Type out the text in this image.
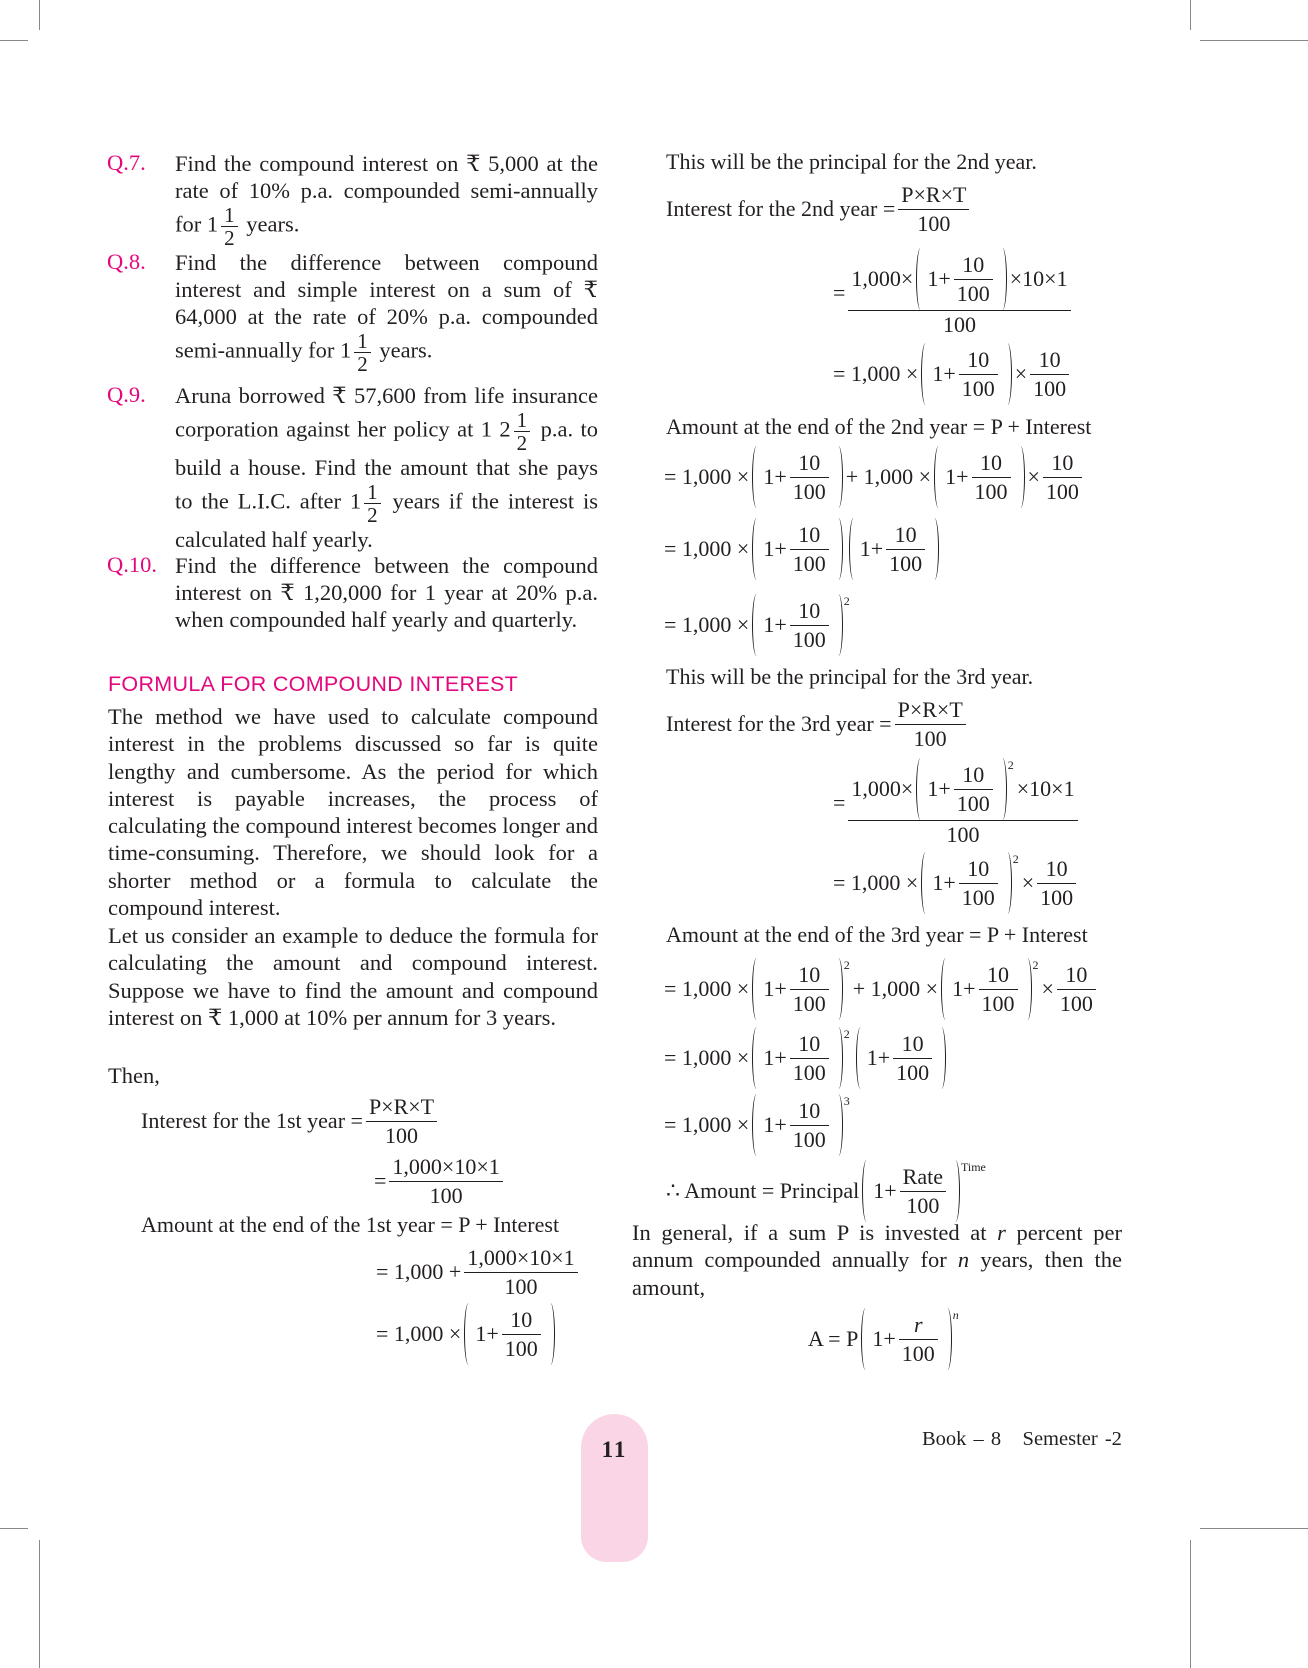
Q.7. Find the compound interest on ₹ 5,000 at the rate of 10% p.a. compounded semi-annually for $1 \frac{1}{2}$ years.
Q.8. Find the difference between compound interest and simple interest on a sum of ₹ 64,000 at the rate of 20% p.a. compounded semi-annually for $1 \frac{1}{2}$ years.
Q.9. Aruna borrowed ₹ 57,600 from life insurance corporation against her policy at 1 $2 \frac{1}{2} p.a$. to build a house. Find the amount that she pays to the L.I.C. after $1 \frac{1}{2}$ years if the interest is calculated half yearly.
Q.10. Find the difference between the compound interest on ₹ 1,20,000 for 1 year at 20% p.a. when compounded half yearly and quarterly.
FORMULA FOR COMPOUND INTEREST
The method we have used to calculate compound interest in the problems discussed so far is quite lengthy and cumbersome. As the period for which interest is payable increases, the process of calculating the compound interest becomes longer and time-consuming. Therefore, we should look for a shorter method or a formula to calculate the compound interest.
Let us consider an example to deduce the formula for calculating the amount and compound interest. Suppose we have to find the amount and compound interest on ₹ 1,000 at 10% per annum for 3 years.
Then,
Interest for the 1st year = $\frac{P\times R\times T}{100}$
= $\frac{1,000\times 10\times 1}{100}$
Amount at the end of the 1st year = P + Interest
= $1,000 + \frac{1,000\times 10\times 1}{100}$
= $1,000 \times 1+ \frac{10}{100}$
This will be the principal for the 2nd year.
Interest for the 2nd year = $\frac{P\times R\times T}{100}$
= $\frac{1,000\times 1+ \frac{10}{100} \times 10\times 1}{100}$
= $1,000 \times 1+ \frac{10}{100} \times \frac{10}{100}$
Amount at the end of the 2nd year = P + Interest
= $1,000 \times 1+ \frac{10}{100} + 1,000 \times 1+ \frac{10}{100} \times \frac{10}{100}$
= $1,000 \times 1+ \frac{10}{100} 1+ \frac{10}{100}$
= $1,000 \times 1+ \frac{10}{100} 2$
This will be the principal for the 3rd year.
Interest for the 3rd year = $\frac{P\times R\times T}{100}$
= $1,000\times 1+ \frac{10}{100} 2$
×10×1
100
= $1,000 \times 1+ \frac{10}{100} 2$
× $\frac{10}{100}$
Amount at the end of the 3rd year = P + Interest
= $1,000 \times 1+ \frac{10}{100} 2$
+ $1,000 \times 1+ \frac{10}{100} 2$
× $\frac{10}{100}$
= $1,000 \times 1+ \frac{10}{100} 2$
$1+ \frac{10}{100}$
= $1,000 \times 1+ \frac{10}{100} 3$
∴ Amount = Principal $1+ \frac{\text{Rate}}{100}$ Time
In general, if a sum P is invested at r percent per annum compounded annually for n years, then the amount,
A = P $1+ \frac{r}{100}$ n
11	Book – 8   Semester -2
